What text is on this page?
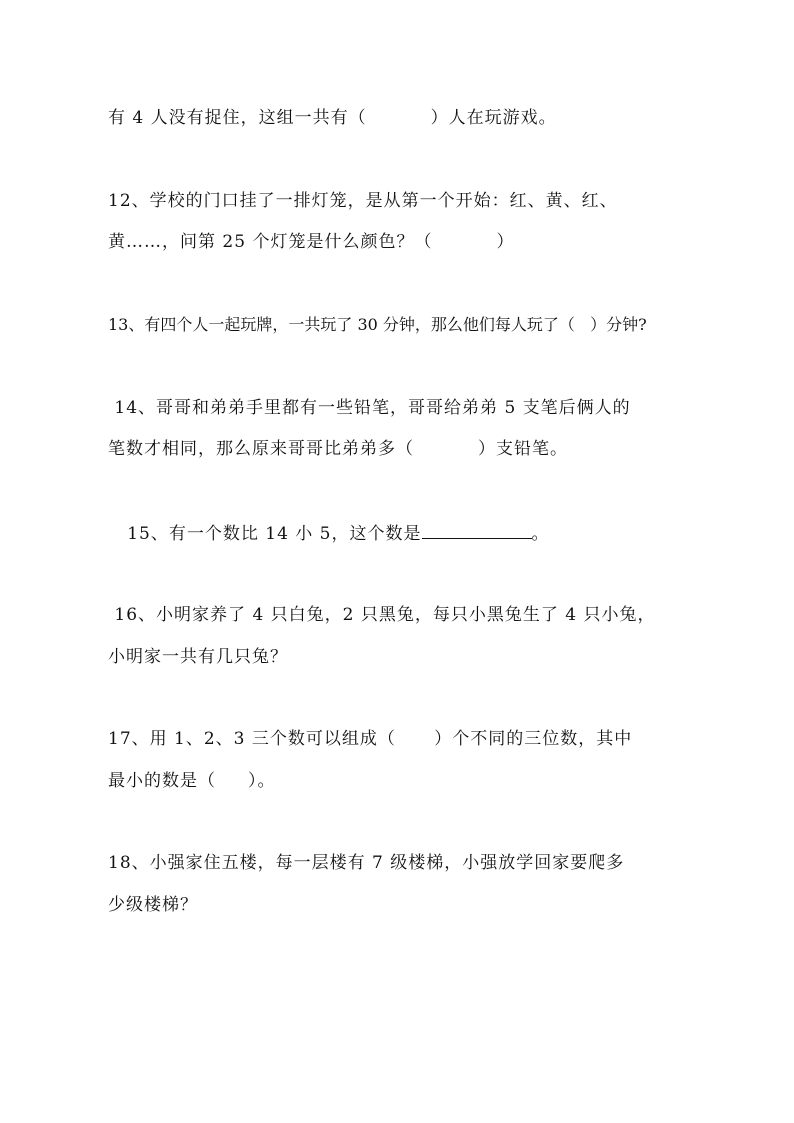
有 4 人没有捉住，这组一共有（          ）人在玩游戏。
12、学校的门口挂了一排灯笼，是从第一个开始：红、黄、红、
黄……，问第 25 个灯笼是什么颜色？（          ）
13、有四个人一起玩牌，一共玩了 30 分钟，那么他们每人玩了（   ）分钟?
14、哥哥和弟弟手里都有一些铅笔，哥哥给弟弟 5 支笔后俩人的
笔数才相同，那么原来哥哥比弟弟多（          ）支铅笔。
15、有一个数比 14 小 5，这个数是	。
16、小明家养了 4 只白兔，2 只黑兔，每只小黑兔生了 4 只小兔，
小明家一共有几只兔？
17、用 1、2、3 三个数可以组成（      ）个不同的三位数，其中
最小的数是（     ）。
18、小强家住五楼，每一层楼有 7 级楼梯，小强放学回家要爬多
少级楼梯？
